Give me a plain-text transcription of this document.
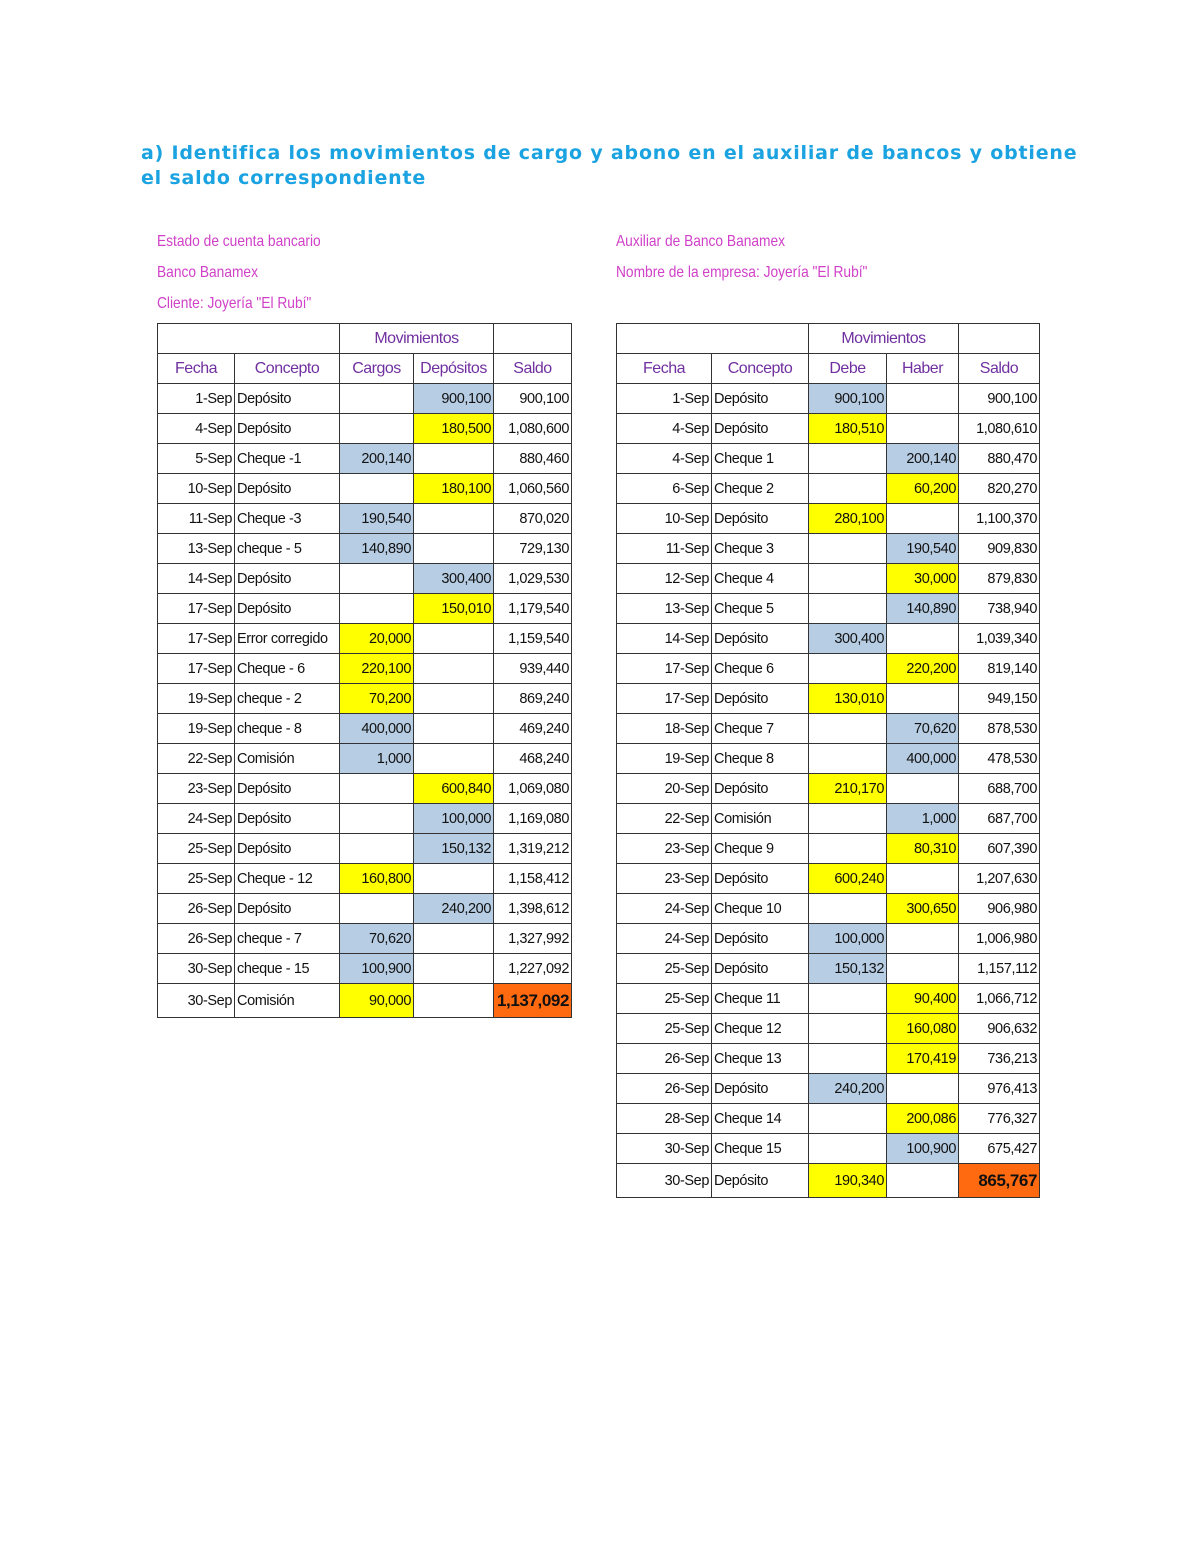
a) Identifica los movimientos de cargo y abono en el auxiliar de bancos y obtiene el saldo correspondiente
Estado de cuenta bancario
Banco Banamex
Cliente: Joyería "El Rubí"
		Movimientos		
Fecha	Concepto	Cargos	Depósitos	Saldo
1-Sep	Depósito		900,100	900,100
4-Sep	Depósito		180,500	1,080,600
5-Sep	Cheque -1	200,140		880,460
10-Sep	Depósito		180,100	1,060,560
11-Sep	Cheque -3	190,540		870,020
13-Sep	cheque - 5	140,890		729,130
14-Sep	Depósito		300,400	1,029,530
17-Sep	Depósito		150,010	1,179,540
17-Sep	Error corregido	20,000		1,159,540
17-Sep	Cheque - 6	220,100		939,440
19-Sep	cheque - 2	70,200		869,240
19-Sep	cheque - 8	400,000		469,240
22-Sep	Comisión	1,000		468,240
23-Sep	Depósito		600,840	1,069,080
24-Sep	Depósito		100,000	1,169,080
25-Sep	Depósito		150,132	1,319,212
25-Sep	Cheque - 12	160,800		1,158,412
26-Sep	Depósito		240,200	1,398,612
26-Sep	cheque - 7	70,620		1,327,992
30-Sep	cheque - 15	100,900		1,227,092
30-Sep	Comisión	90,000		1,137,092
Auxiliar de Banco Banamex
Nombre de la empresa: Joyería "El Rubí"
		Movimientos		
Fecha	Concepto	Debe	Haber	Saldo
1-Sep	Depósito	900,100		900,100
4-Sep	Depósito	180,510		1,080,610
4-Sep	Cheque 1		200,140	880,470
6-Sep	Cheque 2		60,200	820,270
10-Sep	Depósito	280,100		1,100,370
11-Sep	Cheque 3		190,540	909,830
12-Sep	Cheque 4		30,000	879,830
13-Sep	Cheque 5		140,890	738,940
14-Sep	Depósito	300,400		1,039,340
17-Sep	Cheque 6		220,200	819,140
17-Sep	Depósito	130,010		949,150
18-Sep	Cheque 7		70,620	878,530
19-Sep	Cheque 8		400,000	478,530
20-Sep	Depósito	210,170		688,700
22-Sep	Comisión		1,000	687,700
23-Sep	Cheque 9		80,310	607,390
23-Sep	Depósito	600,240		1,207,630
24-Sep	Cheque 10		300,650	906,980
24-Sep	Depósito	100,000		1,006,980
25-Sep	Depósito	150,132		1,157,112
25-Sep	Cheque 11		90,400	1,066,712
25-Sep	Cheque 12		160,080	906,632
26-Sep	Cheque 13		170,419	736,213
26-Sep	Depósito	240,200		976,413
28-Sep	Cheque 14		200,086	776,327
30-Sep	Cheque 15		100,900	675,427
30-Sep	Depósito	190,340		865,767
